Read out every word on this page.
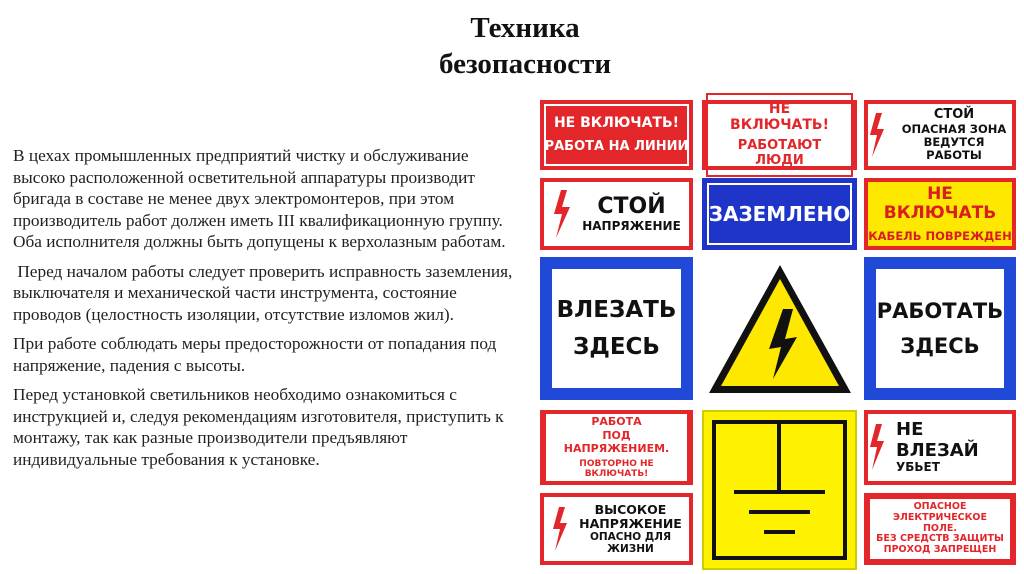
Техника
безопасности

В цехах промышленных предприятий чистку и обслуживание высоко расположенной осветительной аппаратуры производит бригада в составе не менее двух электромонтеров, при этом производитель работ должен иметь III квалификационную группу. Оба исполнителя должны быть допущены к верхолазным работам.

Перед началом работы следует проверить исправность заземления, выключателя и механической части инструмента, состояние проводов (целостность изоляции, отсутствие изломов жил).

При работе соблюдать меры предосторожности от попадания под напряжение, падения с высоты.

Перед установкой светильников необходимо ознакомиться с инструкцией и, следуя рекомендациям изготовителя, приступить к монтажу, так как разные производители предъявляют индивидуальные требования к установке.

НЕ ВКЛЮЧАТЬ!
РАБОТА НА ЛИНИИ
НЕ ВКЛЮЧАТЬ!
РАБОТАЮТ ЛЮДИ
СТОЙ
ОПАСНАЯ ЗОНА
ВЕДУТСЯ РАБОТЫ
СТОЙ
НАПРЯЖЕНИЕ
ЗАЗЕМЛЕНО
НЕ ВКЛЮЧАТЬ
КАБЕЛЬ ПОВРЕЖДЕН
ВЛЕЗАТЬ
ЗДЕСЬ
РАБОТАТЬ
ЗДЕСЬ
РАБОТА
ПОД НАПРЯЖЕНИЕМ.
ПОВТОРНО НЕ ВКЛЮЧАТЬ!
НЕ ВЛЕЗАЙ
УБЬЕТ
ВЫСОКОЕ
НАПРЯЖЕНИЕ
ОПАСНО ДЛЯ
ЖИЗНИ
ОПАСНОЕ
ЭЛЕКТРИЧЕСКОЕ ПОЛЕ.
БЕЗ СРЕДСТВ ЗАЩИТЫ
ПРОХОД ЗАПРЕЩЕН
